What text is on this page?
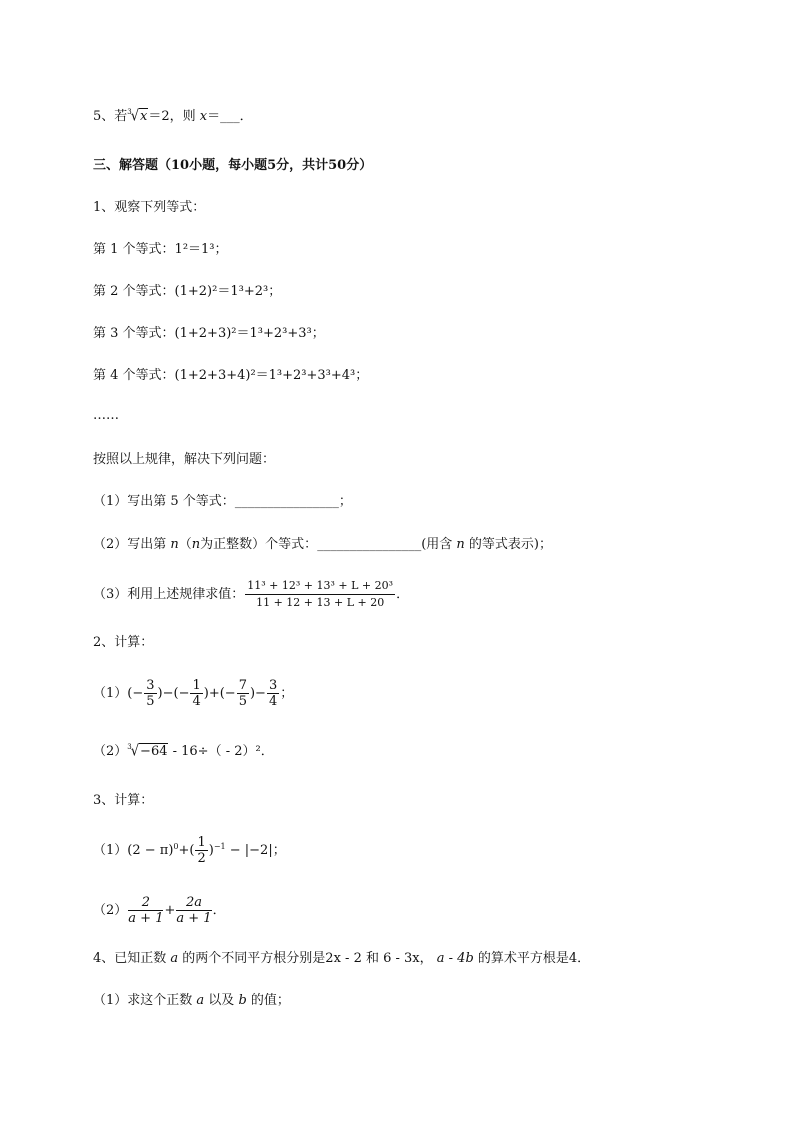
5、若$^3$√x＝2，则 x＝___．
三、解答题（10小题，每小题5分，共计50分）
1、观察下列等式：
第 1 个等式：1²＝1³；
第 2 个等式：(1+2)²＝1³+2³；
第 3 个等式：(1+2+3)²＝1³+2³+3³；
第 4 个等式：(1+2+3+4)²＝1³+2³+3³+4³；
……
按照以上规律，解决下列问题：
（1）写出第 5 个等式：________________；
（2）写出第 n（n为正整数）个等式：________________(用含 n 的等式表示)；
（3）利用上述规律求值： $\frac{\text{11³ + 12³ + 13³ + L + 20³}}{11 + 12 + 13 + L + 20}$ ．
2、计算：
$(1)(- \frac{3}{5}$ )−(− $\frac{1}{4}$ )+(− $\frac{7}{5}$ )− $\frac{3}{4}$ ；
$(2)^3√-64 - 16\div( - 2)^2$．
3、计算：
$(1)(2 - \pi)^0+( \frac{1}{2} )^{-1} - |-2|$；
$(2) \frac{2}{a + 1} + \frac{2a}{a + 1}$ ．
4、已知正数 a 的两个不同平方根分别是2x - 2 和 6 - 3x， a - 4b 的算术平方根是4．
（1）求这个正数 a 以及 b 的值；
